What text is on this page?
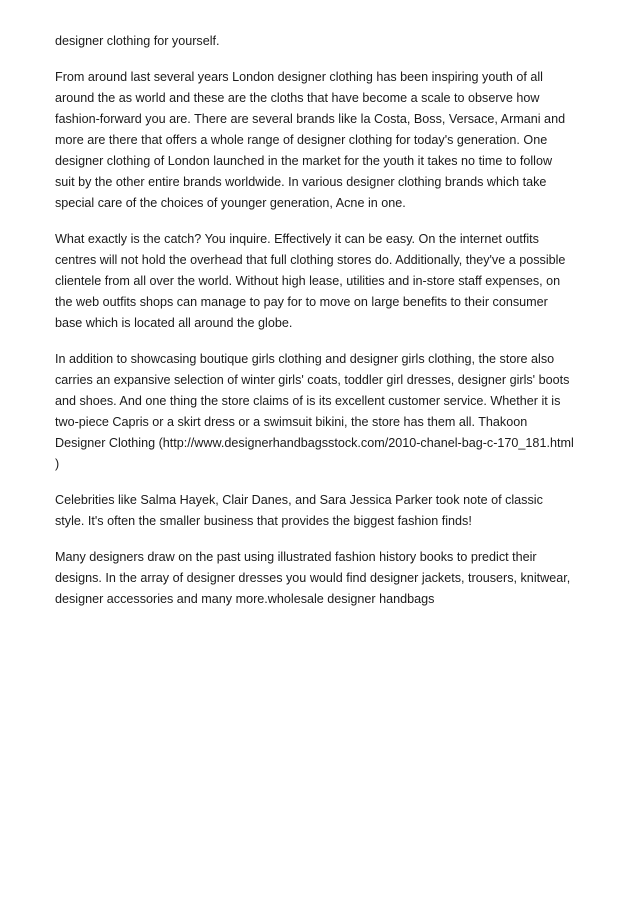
designer clothing for yourself.
From around last several years London designer clothing has been inspiring youth of all
around the as world and these are the cloths that have become a scale to observe how
fashion-forward you are. There are several brands like la Costa, Boss, Versace, Armani and
more are there that offers a whole range of designer clothing for today's generation. One
designer clothing of London launched in the market for the youth it takes no time to follow
suit by the other entire brands worldwide. In various designer clothing brands which take
special care of the choices of younger generation, Acne in one.
What exactly is the catch? You inquire. Effectively it can be easy. On the internet outfits
centres will not hold the overhead that full clothing stores do. Additionally, they've a possible
clientele from all over the world. Without high lease, utilities and in-store staff expenses, on
the web outfits shops can manage to pay for to move on large benefits to their consumer
base which is located all around the globe.
In addition to showcasing boutique girls clothing and designer girls clothing, the store also
carries an expansive selection of winter girls' coats, toddler girl dresses, designer girls' boots
and shoes. And one thing the store claims of is its excellent customer service. Whether it is
two-piece Capris or a skirt dress or a swimsuit bikini, the store has them all. Thakoon
Designer Clothing (http://www.designerhandbagsstock.com/2010-chanel-bag-c-170_181.html
)
Celebrities like Salma Hayek, Clair Danes, and Sara Jessica Parker took note of classic
style. It's often the smaller business that provides the biggest fashion finds!
Many designers draw on the past using illustrated fashion history books to predict their
designs. In the array of designer dresses you would find designer jackets, trousers, knitwear,
designer accessories and many more.wholesale designer handbags
